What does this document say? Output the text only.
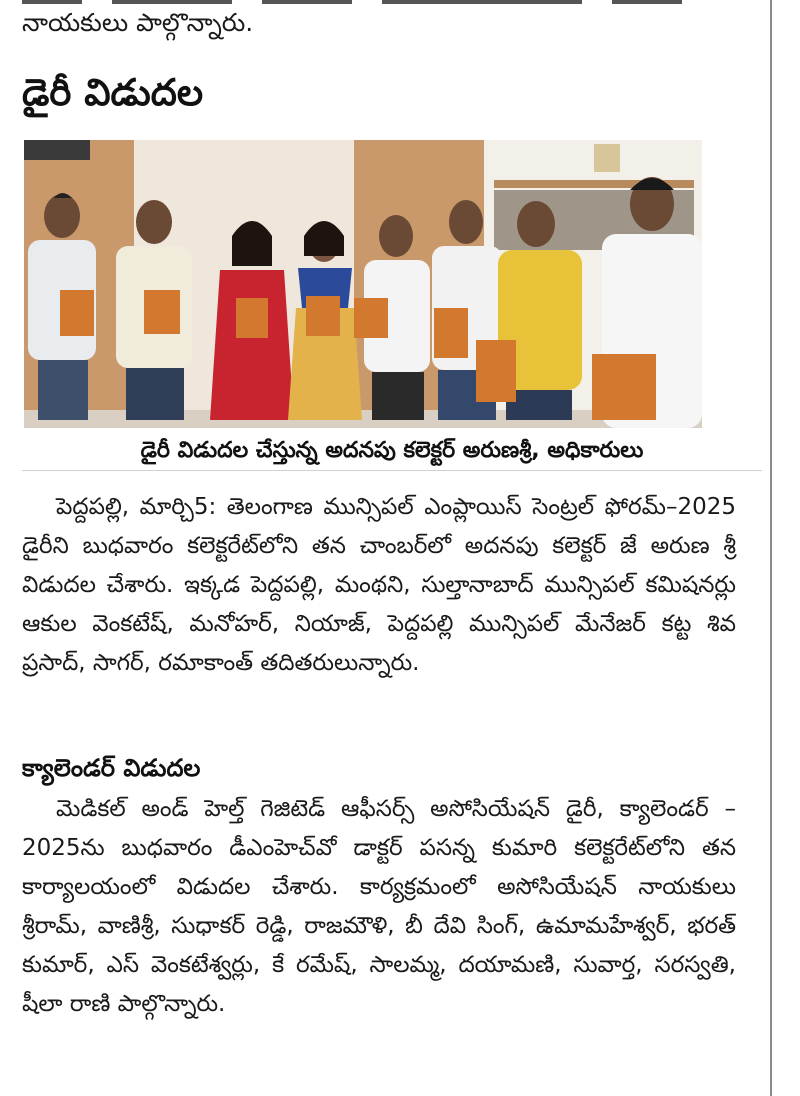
నాయకులు పాల్గొన్నారు.
డైరీ విడుదల
డైరీ విడుదల చేస్తున్న అదనపు కలెక్టర్ అరుణశ్రీ, అధికారులు
పెద్దపల్లి, మార్చి5: తెలంగాణ మున్సిపల్ ఎంప్లాయిస్ సెంట్రల్ ఫోరమ్–2025 డైరీని బుధవారం కలెక్టరేట్‌లోని తన చాంబర్‌లో అదనపు కలెక్టర్ జే అరుణ శ్రీ విడుదల చేశారు. ఇక్కడ పెద్దపల్లి, మంథని, సుల్తానాబాద్ మున్సిపల్ కమిషనర్లు ఆకుల వెంకటేష్, మనోహర్, నియాజ్, పెద్దపల్లి మున్సిపల్ మేనేజర్ కట్ట శివ ప్రసాద్, సాగర్, రమాకాంత్ తదితరులున్నారు.
క్యాలెండర్ విడుదల
మెడికల్ అండ్ హెల్త్ గెజిటెడ్ ఆఫీసర్స్ అసోసియేషన్ డైరీ, క్యాలెండర్ –2025ను బుధవారం డీఎంహెచ్‌వో డాక్టర్ పసన్న కుమారి కలెక్టరేట్‌లోని తన కార్యాలయంలో విడుదల చేశారు. కార్యక్రమంలో అసోసియేషన్ నాయకులు శ్రీరామ్, వాణిశ్రీ, సుధాకర్ రెడ్డి, రాజమౌళి, బీ దేవి సింగ్, ఉమామహేశ్వర్, భరత్ కుమార్, ఎస్ వెంకటేశ్వర్లు, కే రమేష్, సాలమ్మ, దయామణి, సువార్త, సరస్వతి, షీలా రాణి పాల్గొన్నారు.
